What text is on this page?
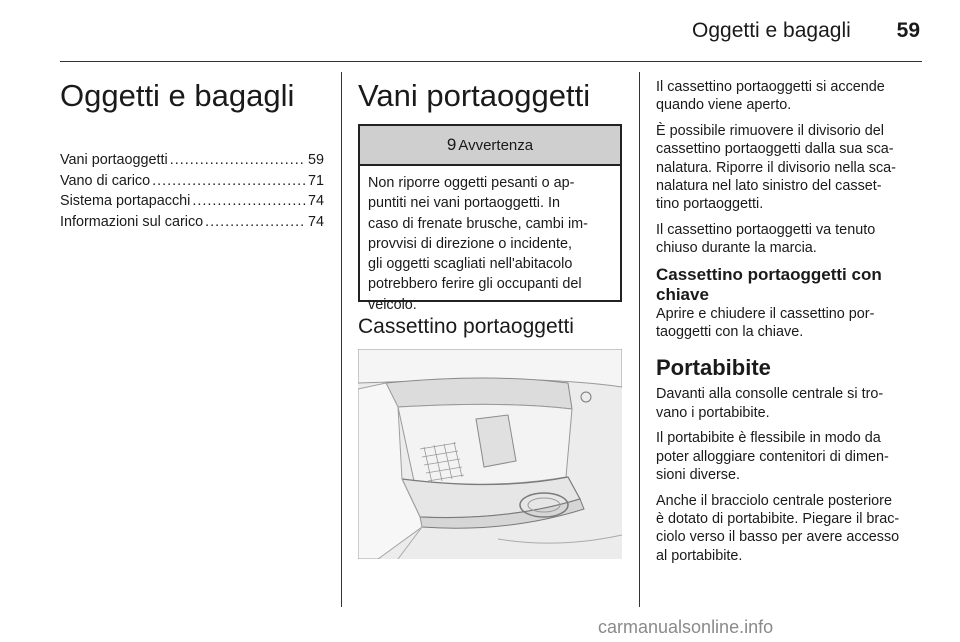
Oggetti e bagagli 59
Oggetti e bagagli
Vani portaoggetti .....	59
Vano di carico .....	71
Sistema portapacchi .....	74
Informazioni sul carico .....	74
Vani portaoggetti
9 Avvertenza
Non riporre oggetti pesanti o ap-
puntiti nei vani portaoggetti. In
caso di frenate brusche, cambi im-
provvisi di direzione o incidente,
gli oggetti scagliati nell'abitacolo
potrebbero ferire gli occupanti del
veicolo.
Cassettino portaoggetti

Il cassettino portaoggetti si accende
quando viene aperto.

È possibile rimuovere il divisorio del
cassettino portaoggetti dalla sua sca-
nalatura. Riporre il divisorio nella sca-
nalatura nel lato sinistro del casset-
tino portaoggetti.

Il cassettino portaoggetti va tenuto
chiuso durante la marcia.

Cassettino portaoggetti con
chiave

Aprire e chiudere il cassettino por-
taoggetti con la chiave.

Portabibite

Davanti alla consolle centrale si tro-
vano i portabibite.

Il portabibite è flessibile in modo da
poter alloggiare contenitori di dimen-
sioni diverse.

Anche il bracciolo centrale posteriore
è dotato di portabibite. Piegare il brac-
ciolo verso il basso per avere accesso
al portabibite.

carmanualsonline.info
